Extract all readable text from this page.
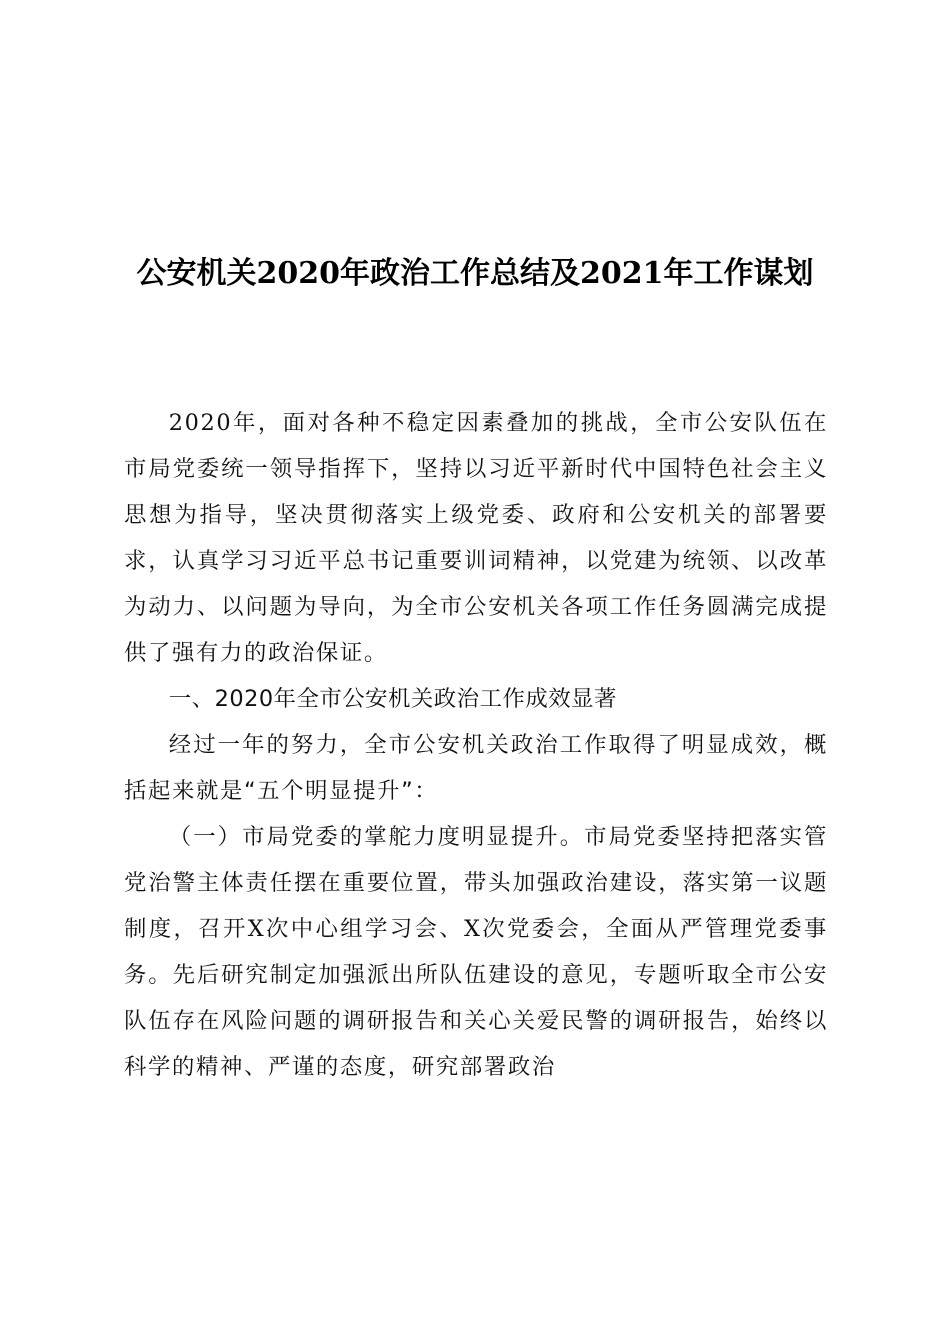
公安机关2020年政治工作总结及2021年工作谋划

2020年，面对各种不稳定因素叠加的挑战，全市公安队伍在市局党委统一领导指挥下，坚持以习近平新时代中国特色社会主义思想为指导，坚决贯彻落实上级党委、政府和公安机关的部署要求，认真学习习近平总书记重要训词精神，以党建为统领、以改革为动力、以问题为导向，为全市公安机关各项工作任务圆满完成提供了强有力的政治保证。

一、2020年全市公安机关政治工作成效显著

经过一年的努力，全市公安机关政治工作取得了明显成效，概括起来就是“五个明显提升”：

（一）市局党委的掌舵力度明显提升。市局党委坚持把落实管党治警主体责任摆在重要位置，带头加强政治建设，落实第一议题制度，召开X次中心组学习会、X次党委会，全面从严管理党委事务。先后研究制定加强派出所队伍建设的意见，专题听取全市公安队伍存在风险问题的调研报告和关心关爱民警的调研报告，始终以科学的精神、严谨的态度，研究部署政治
